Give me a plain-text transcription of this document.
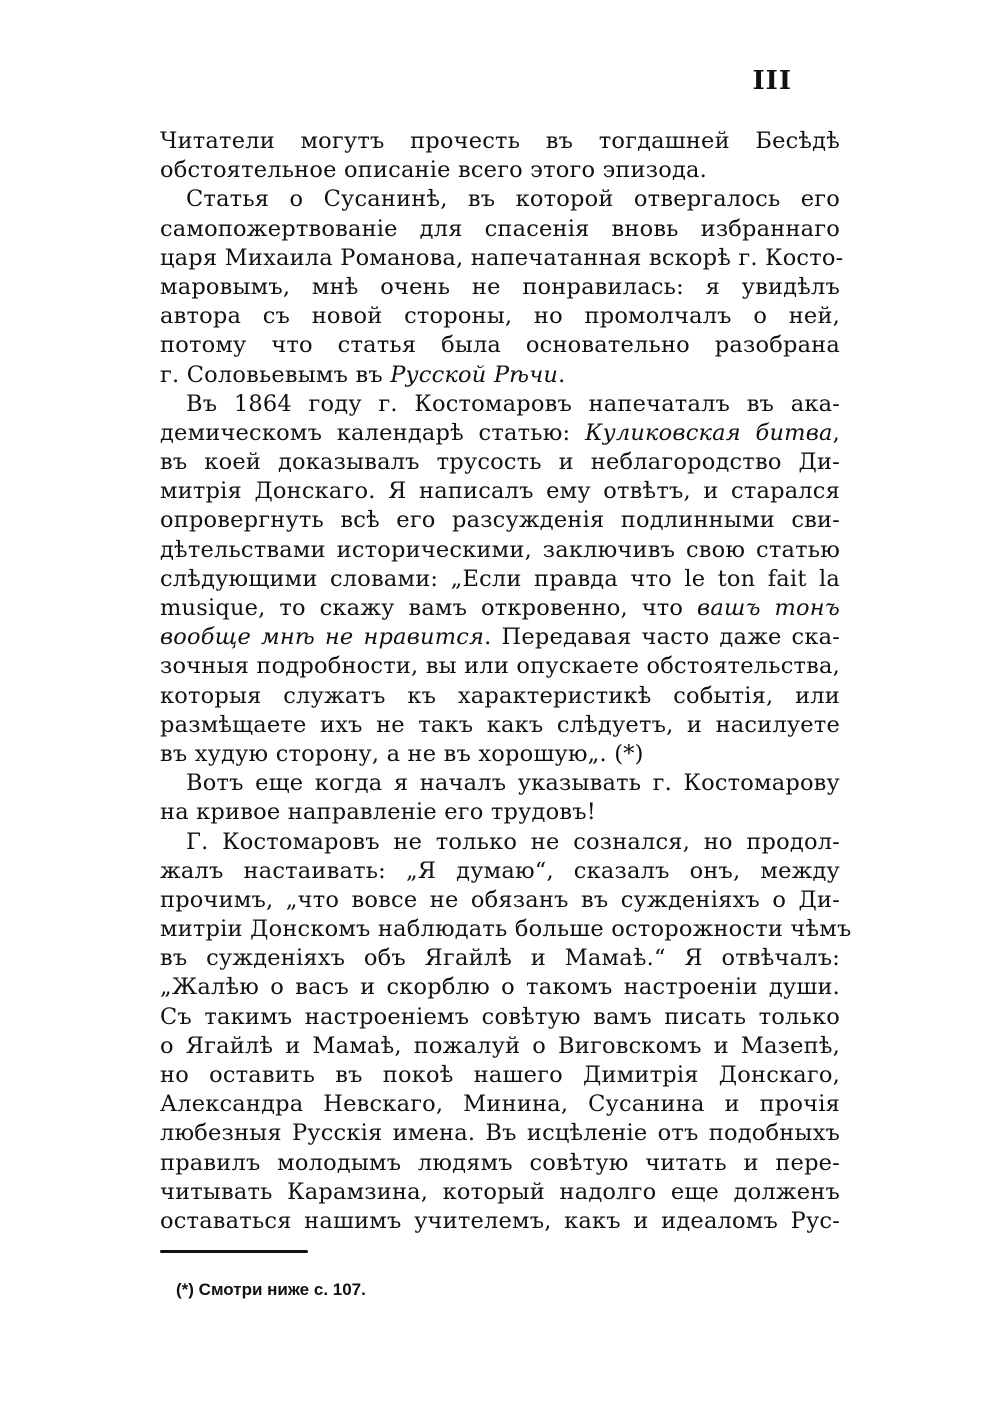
III
Читатели могутъ прочесть въ тогдашней Бесѣдѣ
обстоятельное описанiе всего этого эпизода.
Статья о Сусанинѣ, въ которой отвергалось его
самопожертвованiе для спасенiя вновь избраннаго
царя Михаила Романова, напечатанная вскорѣ г. Косто-
маровымъ, мнѣ очень не понравилась: я увидѣлъ
автора съ новой стороны, но промолчалъ о ней,
потому что статья была основательно разобрана
г. Соловьевымъ въ Русской Рѣчи.
Въ 1864 году г. Костомаровъ напечаталъ въ ака-
демическомъ календарѣ статью: Куликовская битва,
въ коей доказывалъ трусость и неблагородство Ди-
митрiя Донскаго. Я написалъ ему отвѣтъ, и старался
опровергнуть всѣ его разсужденiя подлинными сви-
дѣтельствами историческими, заключивъ свою статью
слѣдующими словами: „Если правда что le ton fait la
musique, то скажу вамъ откровенно, что вашъ тонъ
вообще мнѣ не нравится. Передавая часто даже ска-
зочныя подробности, вы или опускаете обстоятельства,
которыя служатъ къ характеристикѣ событiя, или
размѣщаете ихъ не такъ какъ слѣдуетъ, и насилуете
въ худую сторону, а не въ хорошую„. (*)
Вотъ еще когда я началъ указывать г. Костомарову
на кривое направленiе его трудовъ!
Г. Костомаровъ не только не сознался, но продол-
жалъ настаивать: „Я думаю“, сказалъ онъ, между
прочимъ, „что вовсе не обязанъ въ сужденiяхъ о Ди-
митрiи Донскомъ наблюдать больше осторожности чѣмъ
въ сужденiяхъ объ Ягайлѣ и Мамаѣ.“ Я отвѣчалъ:
„Жалѣю о васъ и скорблю о такомъ настроенiи души.
Съ такимъ настроенiемъ совѣтую вамъ писать только
о Ягайлѣ и Мамаѣ, пожалуй о Виговскомъ и Мазепѣ,
но оставить въ покоѣ нашего Димитрiя Донскаго,
Александра Невскаго, Минина, Сусанина и прочiя
любезныя Русскiя имена. Въ исцѣленiе отъ подобныхъ
правилъ молодымъ людямъ совѣтую читать и пере-
читывать Карамзина, который надолго еще долженъ
оставаться нашимъ учителемъ, какъ и идеаломъ Рус-
(*) Смотри ниже с. 107.
